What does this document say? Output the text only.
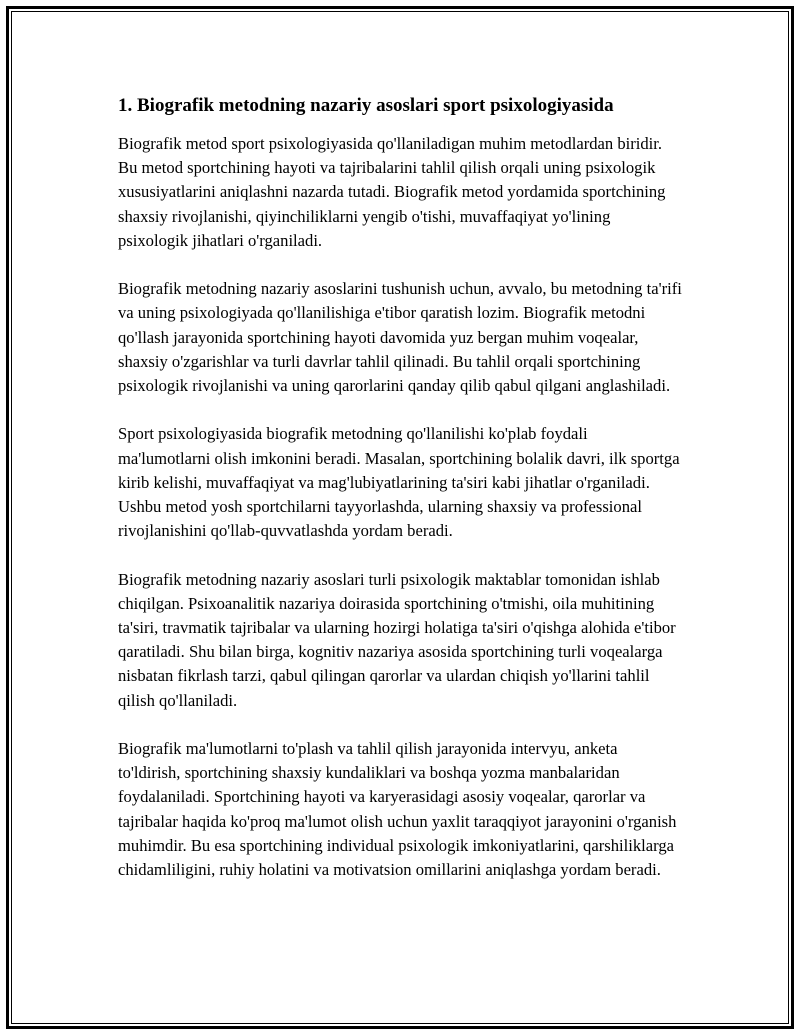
1. Biografik metodning nazariy asoslari sport psixologiyasida

Biografik metod sport psixologiyasida qo'llaniladigan muhim metodlardan biridir. Bu metod sportchining hayoti va tajribalarini tahlil qilish orqali uning psixologik xususiyatlarini aniqlashni nazarda tutadi. Biografik metod yordamida sportchining shaxsiy rivojlanishi, qiyinchiliklarni yengib o'tishi, muvaffaqiyat yo'lining psixologik jihatlari o'rganiladi.

Biografik metodning nazariy asoslarini tushunish uchun, avvalo, bu metodning ta'rifi va uning psixologiyada qo'llanilishiga e'tibor qaratish lozim. Biografik metodni qo'llash jarayonida sportchining hayoti davomida yuz bergan muhim voqealar, shaxsiy o'zgarishlar va turli davrlar tahlil qilinadi. Bu tahlil orqali sportchining psixologik rivojlanishi va uning qarorlarini qanday qilib qabul qilgani anglashiladi.

Sport psixologiyasida biografik metodning qo'llanilishi ko'plab foydali ma'lumotlarni olish imkonini beradi. Masalan, sportchining bolalik davri, ilk sportga kirib kelishi, muvaffaqiyat va mag'lubiyatlarining ta'siri kabi jihatlar o'rganiladi. Ushbu metod yosh sportchilarni tayyorlashda, ularning shaxsiy va professional rivojlanishini qo'llab-quvvatlashda yordam beradi.

Biografik metodning nazariy asoslari turli psixologik maktablar tomonidan ishlab chiqilgan. Psixoanalitik nazariya doirasida sportchining o'tmishi, oila muhitining ta'siri, travmatik tajribalar va ularning hozirgi holatiga ta'siri o'qishga alohida e'tibor qaratiladi. Shu bilan birga, kognitiv nazariya asosida sportchining turli voqealarga nisbatan fikrlash tarzi, qabul qilingan qarorlar va ulardan chiqish yo'llarini tahlil qilish qo'llaniladi.

Biografik ma'lumotlarni to'plash va tahlil qilish jarayonida intervyu, anketa to'ldirish, sportchining shaxsiy kundaliklari va boshqa yozma manbalaridan foydalaniladi. Sportchining hayoti va karyerasidagi asosiy voqealar, qarorlar va tajribalar haqida ko'proq ma'lumot olish uchun yaxlit taraqqiyot jarayonini o'rganish muhimdir. Bu esa sportchining individual psixologik imkoniyatlarini, qarshiliklarga chidamliligini, ruhiy holatini va motivatsion omillarini aniqlashga yordam beradi.
